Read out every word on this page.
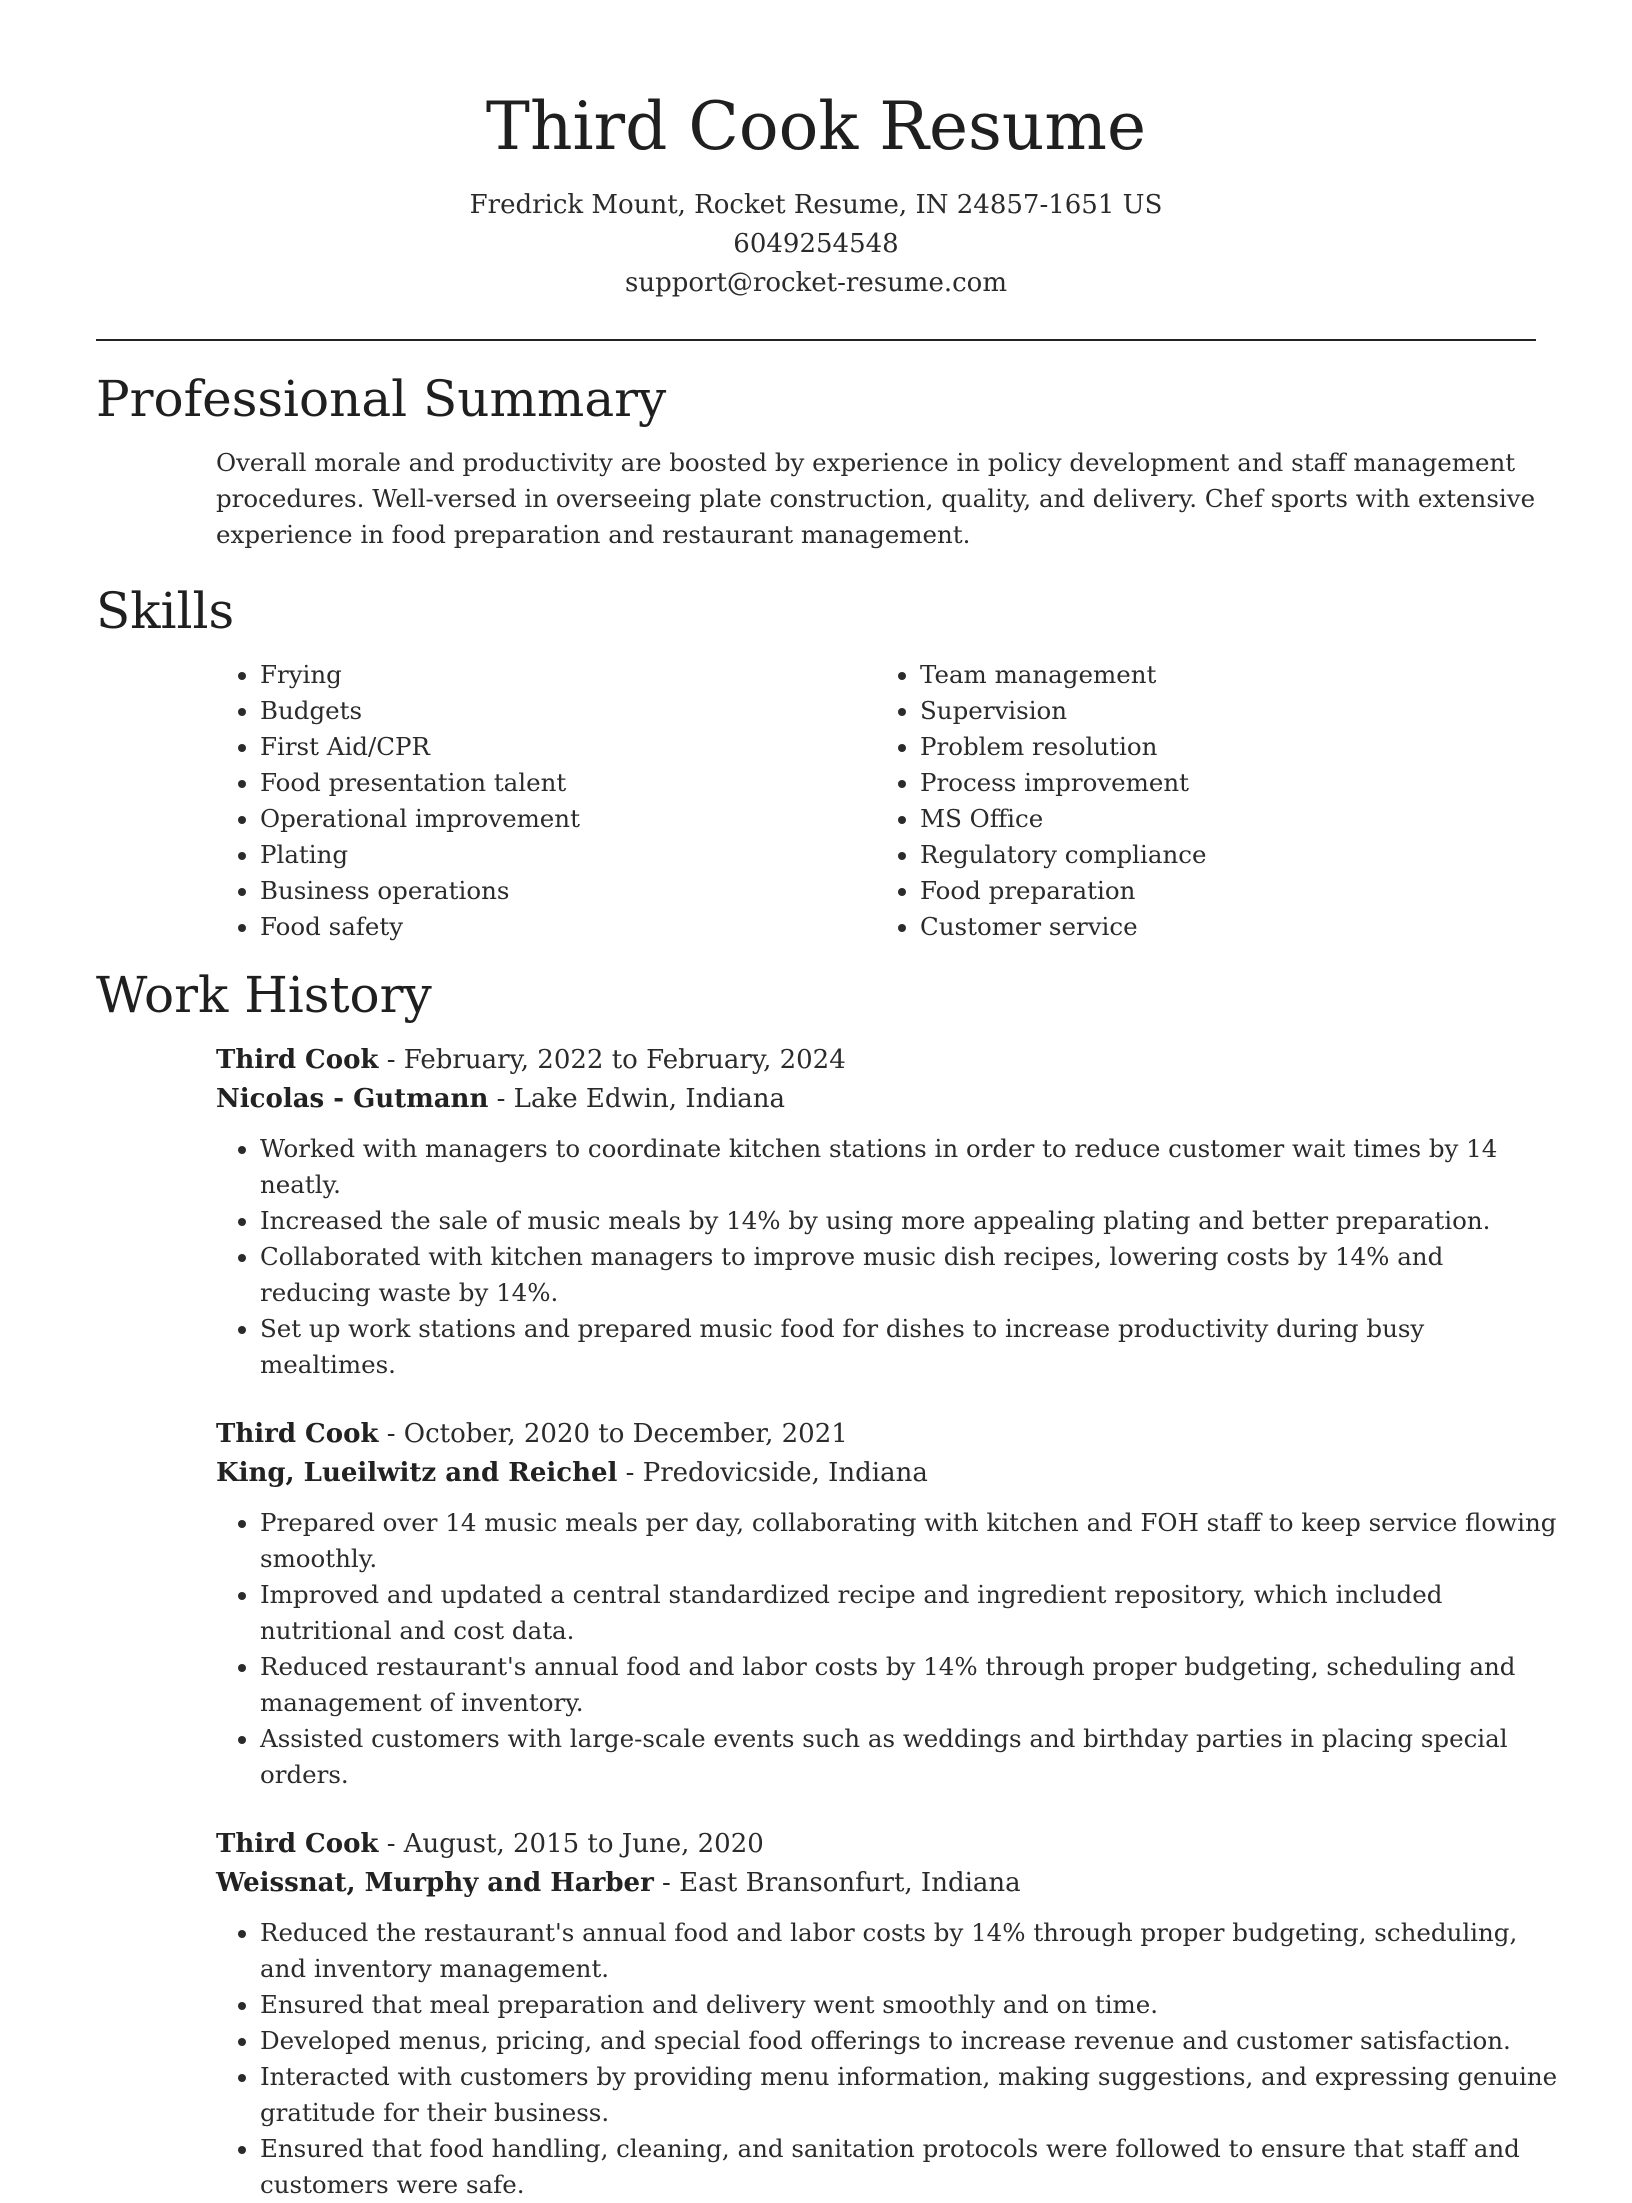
Third Cook Resume
Fredrick Mount, Rocket Resume, IN 24857-1651 US
6049254548
support@rocket-resume.com
Professional Summary

Overall morale and productivity are boosted by experience in policy development and staff management procedures. Well-versed in overseeing plate construction, quality, and delivery. Chef sports with extensive experience in food preparation and restaurant management.

Skills
• Frying
• Budgets
• First Aid/CPR
• Food presentation talent
• Operational improvement
• Plating
• Business operations
• Food safety
• Team management
• Supervision
• Problem resolution
• Process improvement
• MS Office
• Regulatory compliance
• Food preparation
• Customer service
Work History

Third Cook - February, 2022 to February, 2024

Nicolas - Gutmann - Lake Edwin, Indiana

• Worked with managers to coordinate kitchen stations in order to reduce customer wait times by 14 neatly.
• Increased the sale of music meals by 14% by using more appealing plating and better preparation.
• Collaborated with kitchen managers to improve music dish recipes, lowering costs by 14% and reducing waste by 14%.
• Set up work stations and prepared music food for dishes to increase productivity during busy mealtimes.

Third Cook - October, 2020 to December, 2021

King, Lueilwitz and Reichel - Predovicside, Indiana

• Prepared over 14 music meals per day, collaborating with kitchen and FOH staff to keep service flowing smoothly.
• Improved and updated a central standardized recipe and ingredient repository, which included nutritional and cost data.
• Reduced restaurant's annual food and labor costs by 14% through proper budgeting, scheduling and management of inventory.
• Assisted customers with large-scale events such as weddings and birthday parties in placing special orders.

Third Cook - August, 2015 to June, 2020

Weissnat, Murphy and Harber - East Bransonfurt, Indiana

• Reduced the restaurant's annual food and labor costs by 14% through proper budgeting, scheduling, and inventory management.
• Ensured that meal preparation and delivery went smoothly and on time.
• Developed menus, pricing, and special food offerings to increase revenue and customer satisfaction.
• Interacted with customers by providing menu information, making suggestions, and expressing genuine gratitude for their business.
• Ensured that food handling, cleaning, and sanitation protocols were followed to ensure that staff and customers were safe.
